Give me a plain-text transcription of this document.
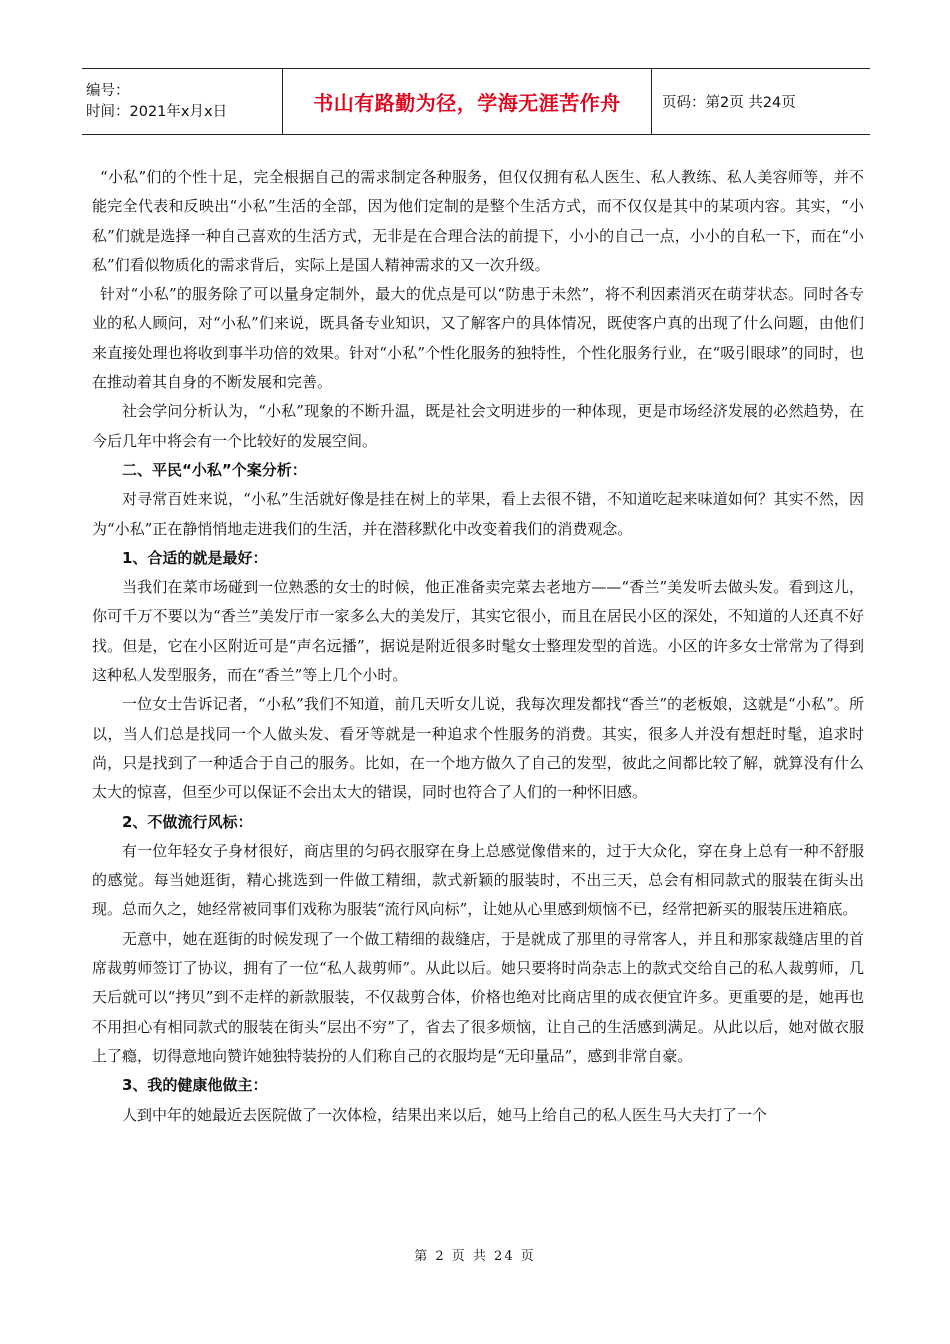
编号：
时间：2021年x月x日	书山有路勤为径，学海无涯苦作舟	页码：第2页 共24页

“小私”们的个性十足，完全根据自己的需求制定各种服务，但仅仅拥有私人医生、私人教练、私人美容师等，并不能完全代表和反映出“小私”生活的全部，因为他们定制的是整个生活方式，而不仅仅是其中的某项内容。其实，“小私”们就是选择一种自己喜欢的生活方式，无非是在合理合法的前提下，小小的自己一点，小小的自私一下，而在“小私”们看似物质化的需求背后，实际上是国人精神需求的又一次升级。

针对“小私”的服务除了可以量身定制外，最大的优点是可以“防患于未然”，将不利因素消灭在萌芽状态。同时各专业的私人顾问，对“小私”们来说，既具备专业知识，又了解客户的具体情况，既使客户真的出现了什么问题，由他们来直接处理也将收到事半功倍的效果。针对“小私”个性化服务的独特性，个性化服务行业，在“吸引眼球”的同时，也在推动着其自身的不断发展和完善。

社会学问分析认为，“小私”现象的不断升温，既是社会文明进步的一种体现，更是市场经济发展的必然趋势，在今后几年中将会有一个比较好的发展空间。

二、平民“小私”个案分析：

对寻常百姓来说，“小私”生活就好像是挂在树上的苹果，看上去很不错，不知道吃起来味道如何？其实不然，因为“小私”正在静悄悄地走进我们的生活，并在潜移默化中改变着我们的消费观念。

1、合适的就是最好：

当我们在菜市场碰到一位熟悉的女士的时候，他正准备卖完菜去老地方——“香兰”美发听去做头发。看到这儿，你可千万不要以为“香兰”美发厅市一家多么大的美发厅，其实它很小，而且在居民小区的深处，不知道的人还真不好找。但是，它在小区附近可是“声名远播”，据说是附近很多时髦女士整理发型的首选。小区的许多女士常常为了得到这种私人发型服务，而在“香兰”等上几个小时。

一位女士告诉记者，“小私”我们不知道，前几天听女儿说，我每次理发都找“香兰”的老板娘，这就是“小私”。所以，当人们总是找同一个人做头发、看牙等就是一种追求个性服务的消费。其实，很多人并没有想赶时髦，追求时尚，只是找到了一种适合于自己的服务。比如，在一个地方做久了自己的发型，彼此之间都比较了解，就算没有什么太大的惊喜，但至少可以保证不会出太大的错误，同时也符合了人们的一种怀旧感。

2、不做流行风标：

有一位年轻女子身材很好，商店里的匀码衣服穿在身上总感觉像借来的，过于大众化，穿在身上总有一种不舒服的感觉。每当她逛街，精心挑选到一件做工精细，款式新颖的服装时，不出三天，总会有相同款式的服装在街头出现。总而久之，她经常被同事们戏称为服装“流行风向标”，让她从心里感到烦恼不已，经常把新买的服装压进箱底。

无意中，她在逛街的时候发现了一个做工精细的裁缝店，于是就成了那里的寻常客人，并且和那家裁缝店里的首席裁剪师签订了协议，拥有了一位“私人裁剪师”。从此以后。她只要将时尚杂志上的款式交给自己的私人裁剪师，几天后就可以“拷贝”到不走样的新款服装，不仅裁剪合体，价格也绝对比商店里的成衣便宜许多。更重要的是，她再也不用担心有相同款式的服装在街头“层出不穷”了，省去了很多烦恼，让自己的生活感到满足。从此以后，她对做衣服上了瘾，切得意地向赞许她独特装扮的人们称自己的衣服均是“无印量品”，感到非常自豪。

3、我的健康他做主：

人到中年的她最近去医院做了一次体检，结果出来以后，她马上给自己的私人医生马大夫打了一个

第 2 页 共 24 页
